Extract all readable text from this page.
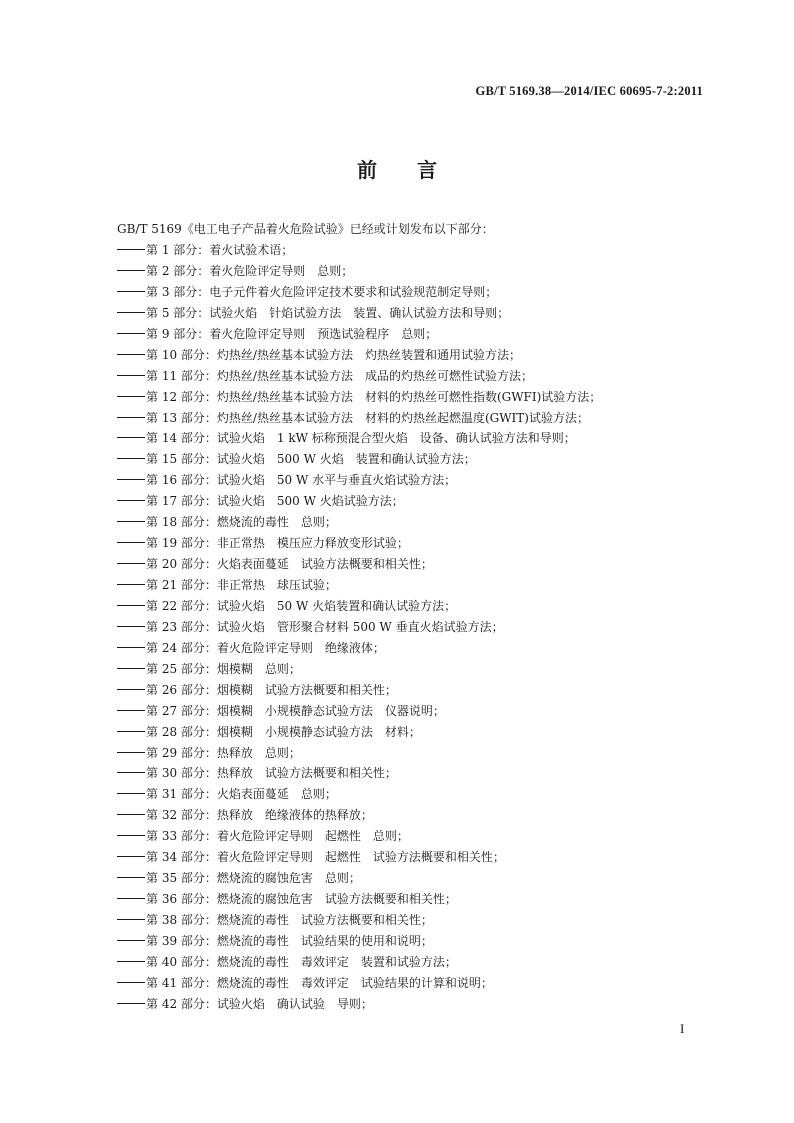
GB/T 5169.38—2014/IEC 60695-7-2:2011
前言
GB/T 5169《电工电子产品着火危险试验》已经或计划发布以下部分：
第 1 部分：着火试验术语；
第 2 部分：着火危险评定导则　总则；
第 3 部分：电子元件着火危险评定技术要求和试验规范制定导则；
第 5 部分：试验火焰　针焰试验方法　装置、确认试验方法和导则；
第 9 部分：着火危险评定导则　预选试验程序　总则；
第 10 部分：灼热丝/热丝基本试验方法　灼热丝装置和通用试验方法；
第 11 部分：灼热丝/热丝基本试验方法　成品的灼热丝可燃性试验方法；
第 12 部分：灼热丝/热丝基本试验方法　材料的灼热丝可燃性指数(GWFI)试验方法；
第 13 部分：灼热丝/热丝基本试验方法　材料的灼热丝起燃温度(GWIT)试验方法；
第 14 部分：试验火焰　1 kW 标称预混合型火焰　设备、确认试验方法和导则；
第 15 部分：试验火焰　500 W 火焰　装置和确认试验方法；
第 16 部分：试验火焰　50 W 水平与垂直火焰试验方法；
第 17 部分：试验火焰　500 W 火焰试验方法；
第 18 部分：燃烧流的毒性　总则；
第 19 部分：非正常热　模压应力释放变形试验；
第 20 部分：火焰表面蔓延　试验方法概要和相关性；
第 21 部分：非正常热　球压试验；
第 22 部分：试验火焰　50 W 火焰装置和确认试验方法；
第 23 部分：试验火焰　管形聚合材料 500 W 垂直火焰试验方法；
第 24 部分：着火危险评定导则　绝缘液体；
第 25 部分：烟模糊　总则；
第 26 部分：烟模糊　试验方法概要和相关性；
第 27 部分：烟模糊　小规模静态试验方法　仪器说明；
第 28 部分：烟模糊　小规模静态试验方法　材料；
第 29 部分：热释放　总则；
第 30 部分：热释放　试验方法概要和相关性；
第 31 部分：火焰表面蔓延　总则；
第 32 部分：热释放　绝缘液体的热释放；
第 33 部分：着火危险评定导则　起燃性　总则；
第 34 部分：着火危险评定导则　起燃性　试验方法概要和相关性；
第 35 部分：燃烧流的腐蚀危害　总则；
第 36 部分：燃烧流的腐蚀危害　试验方法概要和相关性；
第 38 部分：燃烧流的毒性　试验方法概要和相关性；
第 39 部分：燃烧流的毒性　试验结果的使用和说明；
第 40 部分：燃烧流的毒性　毒效评定　装置和试验方法；
第 41 部分：燃烧流的毒性　毒效评定　试验结果的计算和说明；
第 42 部分：试验火焰　确认试验　导则；
I
